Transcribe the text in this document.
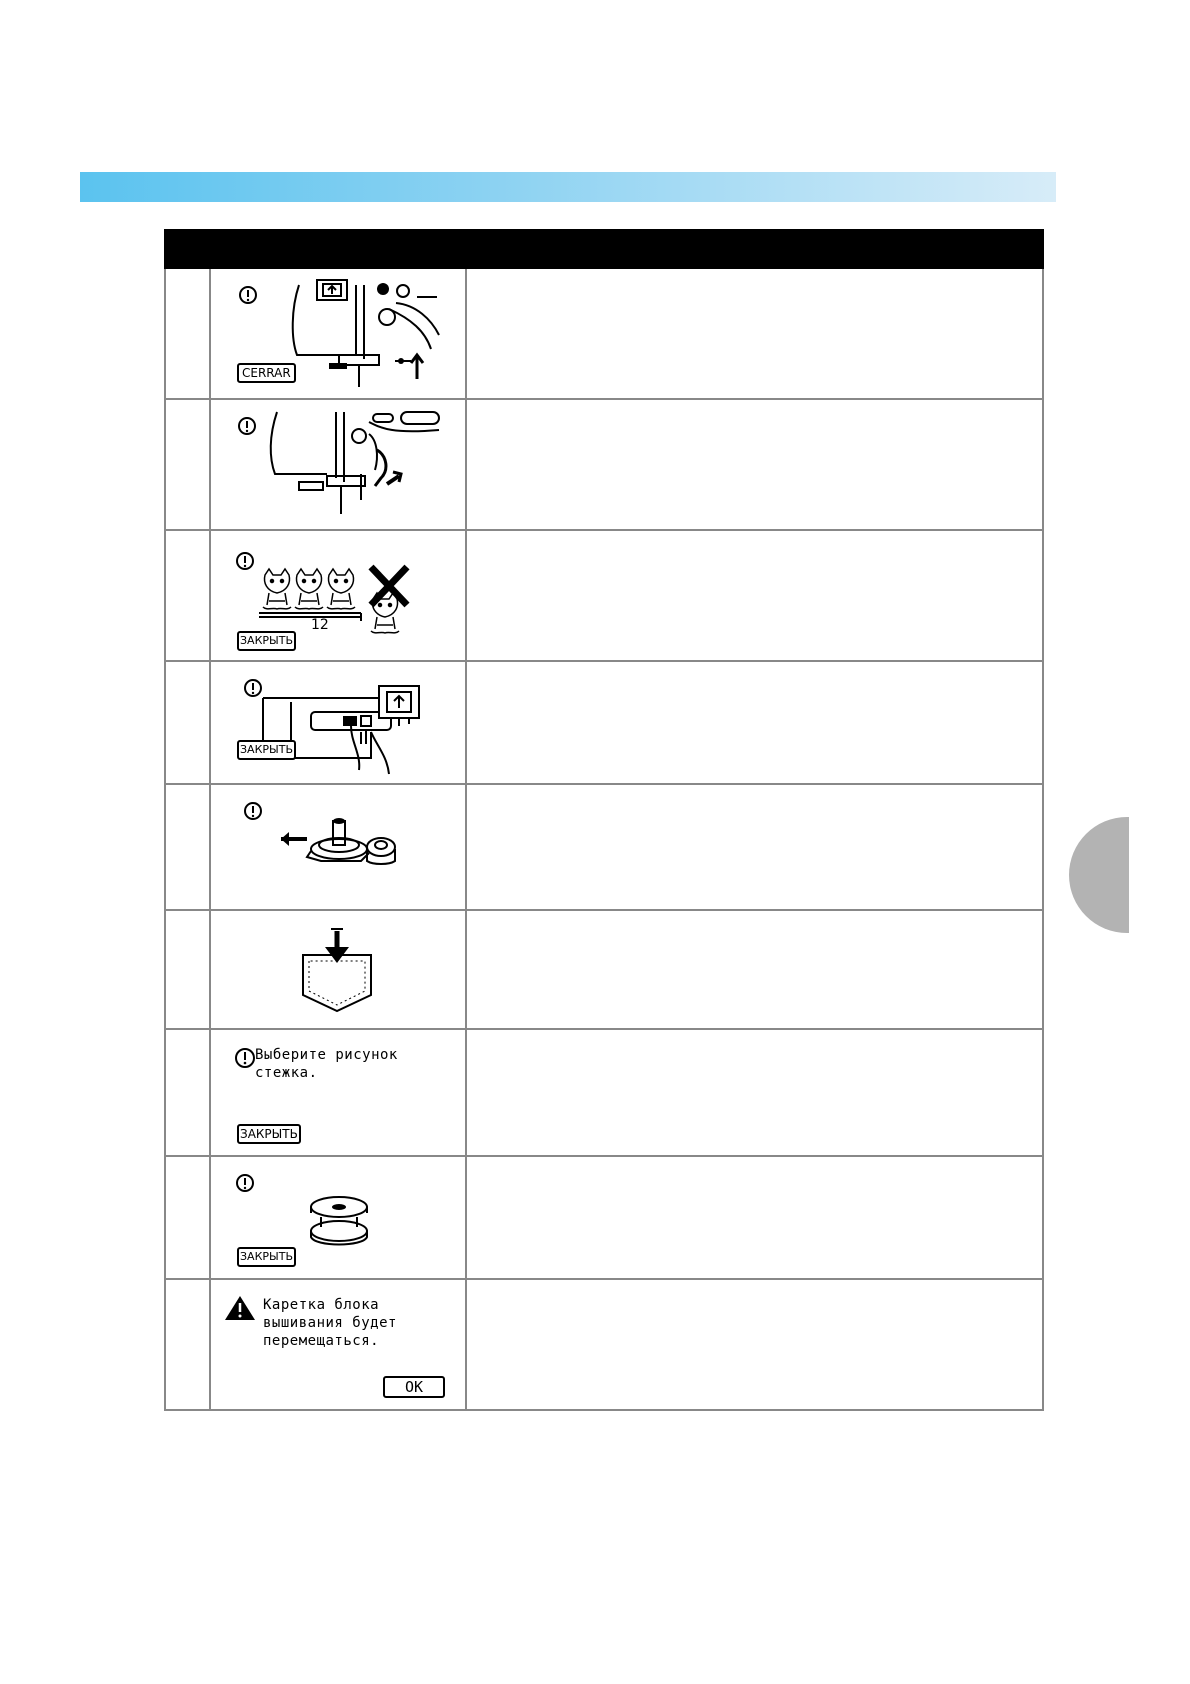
	CERRAR	

	12
ЗАКРЫТЬ	

	ЗАКРЫТЬ

	Выберите рисунок
стежка.
ЗАКРЫТЬ	

	ЗАКРЫТЬ	

	Каретка блока
вышивания будет
перемещаться.
OK	
